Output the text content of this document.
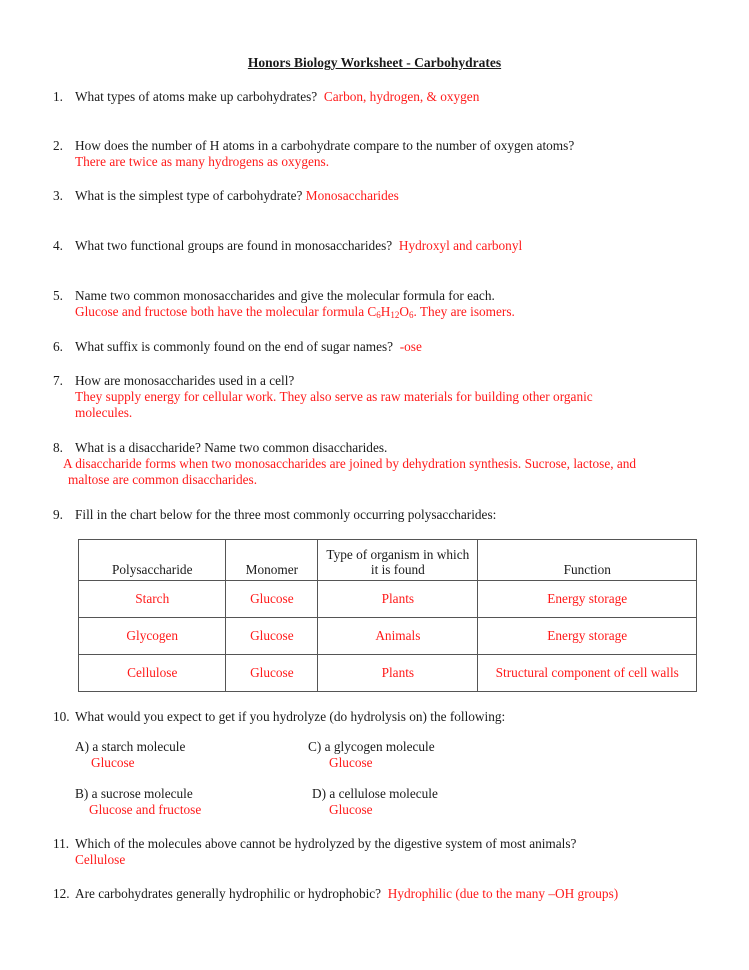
Honors Biology Worksheet - Carbohydrates
1. What types of atoms make up carbohydrates? Carbon, hydrogen, & oxygen
2. How does the number of H atoms in a carbohydrate compare to the number of oxygen atoms?
There are twice as many hydrogens as oxygens.
3. What is the simplest type of carbohydrate? Monosaccharides
4. What two functional groups are found in monosaccharides? Hydroxyl and carbonyl
5. Name two common monosaccharides and give the molecular formula for each.
Glucose and fructose both have the molecular formula $C_6H_{12}O_6$. They are isomers.
6. What suffix is commonly found on the end of sugar names? -ose
7. How are monosaccharides used in a cell?
They supply energy for cellular work. They also serve as raw materials for building other organic
molecules.
8. What is a disaccharide? Name two common disaccharides.
A disaccharide forms when two monosaccharides are joined by dehydration synthesis. Sucrose, lactose, and
maltose are common disaccharides.
9. Fill in the chart below for the three most commonly occurring polysaccharides:
Polysaccharide	Monomer	Type of organism in which
it is found	Function
Starch	Glucose	Plants	Energy storage
Glycogen	Glucose	Animals	Energy storage
Cellulose	Glucose	Plants	Structural component of cell walls
10. What would you expect to get if you hydrolyze (do hydrolysis on) the following:
A) a starch molecule
Glucose
C) a glycogen molecule
Glucose
B) a sucrose molecule
Glucose and fructose
D) a cellulose molecule
Glucose
11. Which of the molecules above cannot be hydrolyzed by the digestive system of most animals?
Cellulose
12. Are carbohydrates generally hydrophilic or hydrophobic? Hydrophilic (due to the many –OH groups)
